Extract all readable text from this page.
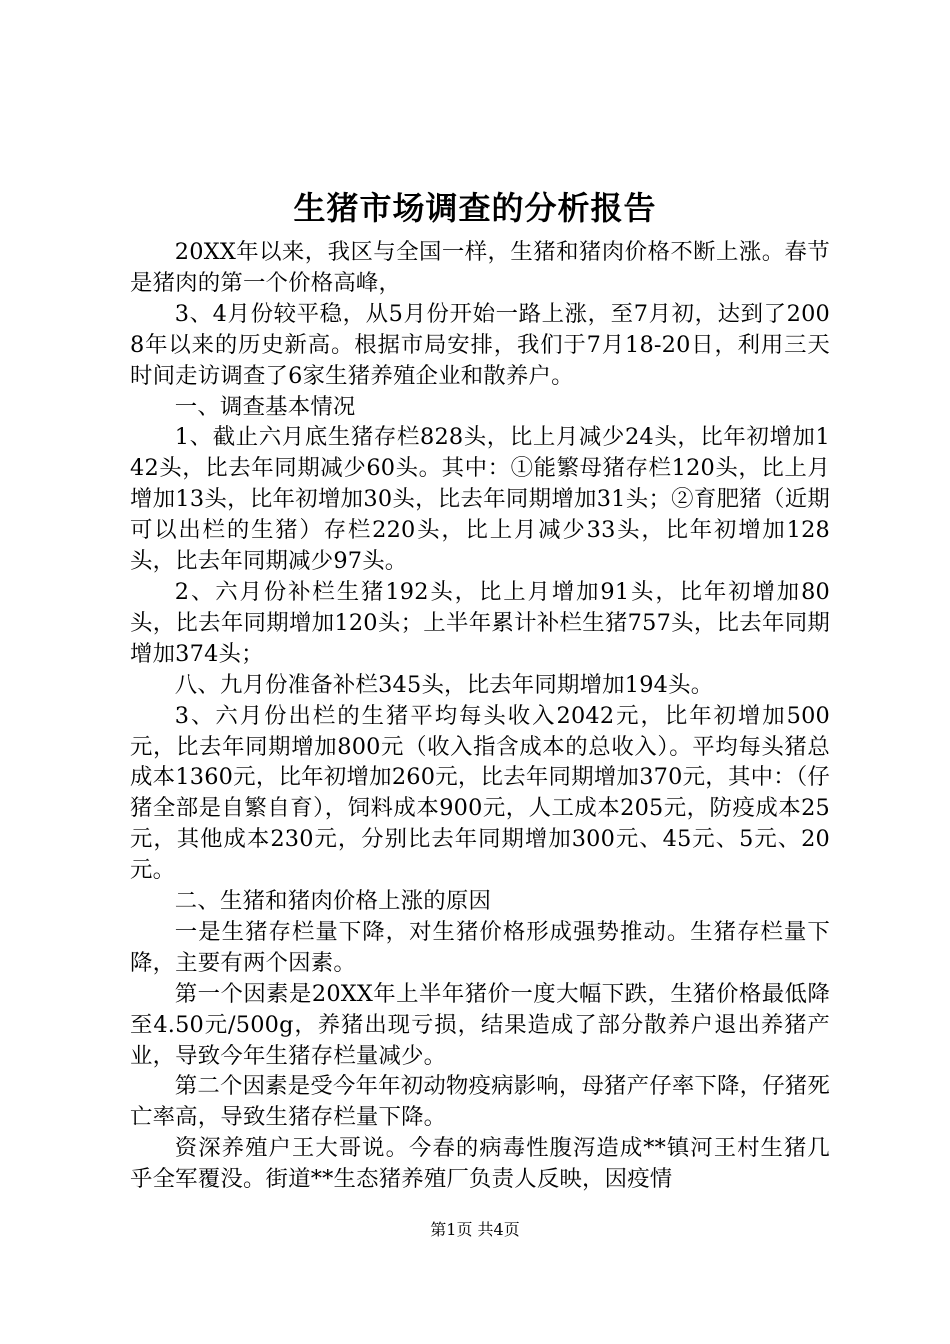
生猪市场调查的分析报告

20XX年以来，我区与全国一样，生猪和猪肉价格不断上涨。春节是猪肉的第一个价格高峰，

3、4月份较平稳，从5月份开始一路上涨，至7月初，达到了2008年以来的历史新高。根据市局安排，我们于7月18-20日，利用三天时间走访调查了6家生猪养殖企业和散养户。

一、调查基本情况

1、截止六月底生猪存栏828头，比上月减少24头，比年初增加142头，比去年同期减少60头。其中：①能繁母猪存栏120头，比上月增加13头，比年初增加30头，比去年同期增加31头；②育肥猪（近期可以出栏的生猪）存栏220头，比上月减少33头，比年初增加128头，比去年同期减少97头。

2、六月份补栏生猪192头，比上月增加91头，比年初增加80头，比去年同期增加120头；上半年累计补栏生猪757头，比去年同期增加374头；

八、九月份准备补栏345头，比去年同期增加194头。

3、六月份出栏的生猪平均每头收入2042元，比年初增加500元，比去年同期增加800元（收入指含成本的总收入）。平均每头猪总成本1360元，比年初增加260元，比去年同期增加370元，其中：（仔猪全部是自繁自育），饲料成本900元，人工成本205元，防疫成本25元，其他成本230元，分别比去年同期增加300元、45元、5元、20元。

二、生猪和猪肉价格上涨的原因

一是生猪存栏量下降，对生猪价格形成强势推动。生猪存栏量下降，主要有两个因素。

第一个因素是20XX年上半年猪价一度大幅下跌，生猪价格最低降至4.50元/500g，养猪出现亏损，结果造成了部分散养户退出养猪产业，导致今年生猪存栏量减少。

第二个因素是受今年年初动物疫病影响，母猪产仔率下降，仔猪死亡率高，导致生猪存栏量下降。

资深养殖户王大哥说。今春的病毒性腹泻造成**镇河王村生猪几乎全军覆没。街道**生态猪养殖厂负责人反映，因疫情

第1页 共4页
